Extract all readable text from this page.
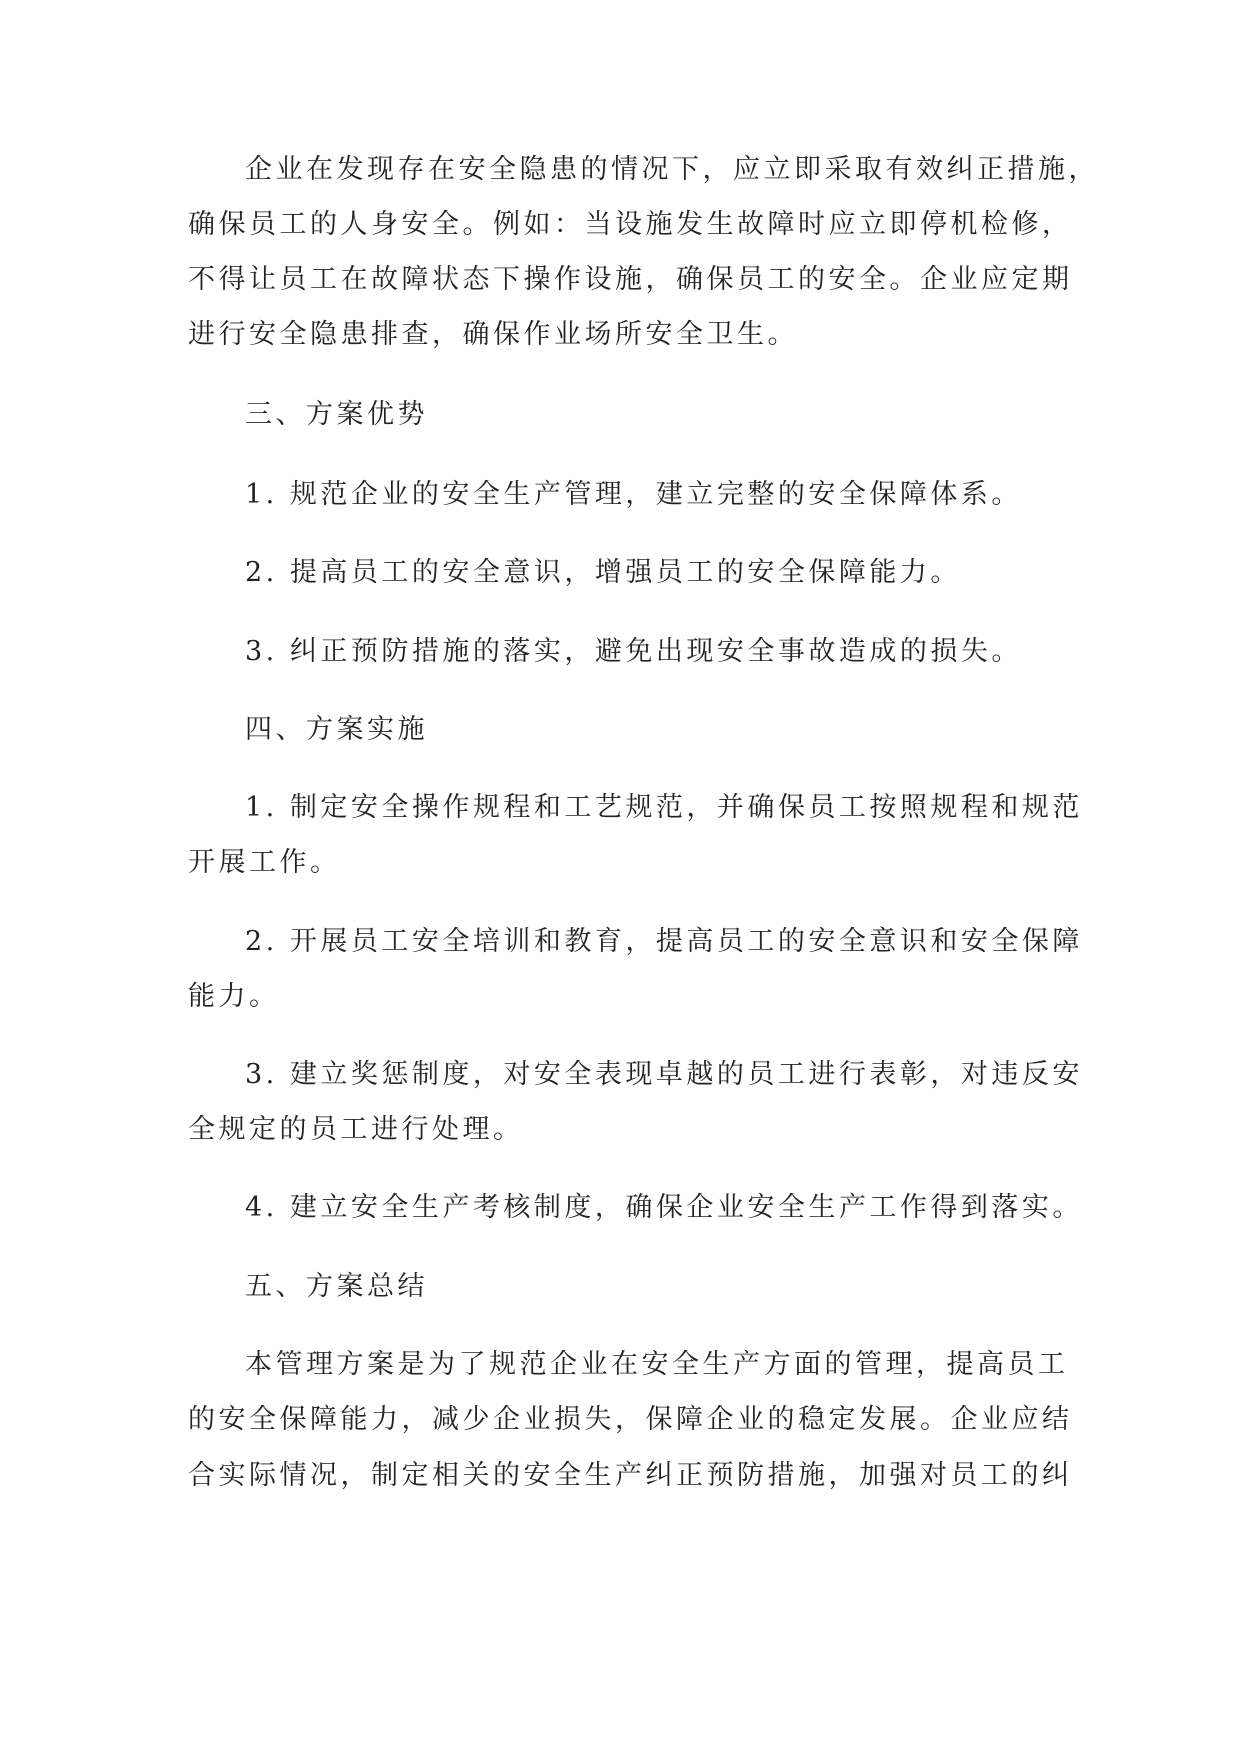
企业在发现存在安全隐患的情况下，应立即采取有效纠正措施，

确保员工的人身安全。例如：当设施发生故障时应立即停机检修，

不得让员工在故障状态下操作设施，确保员工的安全。企业应定期

进行安全隐患排查，确保作业场所安全卫生。

三、方案优势

1. 规范企业的安全生产管理，建立完整的安全保障体系。

2. 提高员工的安全意识，增强员工的安全保障能力。

3. 纠正预防措施的落实，避免出现安全事故造成的损失。

四、方案实施

1. 制定安全操作规程和工艺规范，并确保员工按照规程和规范

开展工作。

2. 开展员工安全培训和教育，提高员工的安全意识和安全保障

能力。

3. 建立奖惩制度，对安全表现卓越的员工进行表彰，对违反安

全规定的员工进行处理。

4. 建立安全生产考核制度，确保企业安全生产工作得到落实。

五、方案总结

本管理方案是为了规范企业在安全生产方面的管理，提高员工

的安全保障能力，减少企业损失，保障企业的稳定发展。企业应结

合实际情况，制定相关的安全生产纠正预防措施，加强对员工的纠
